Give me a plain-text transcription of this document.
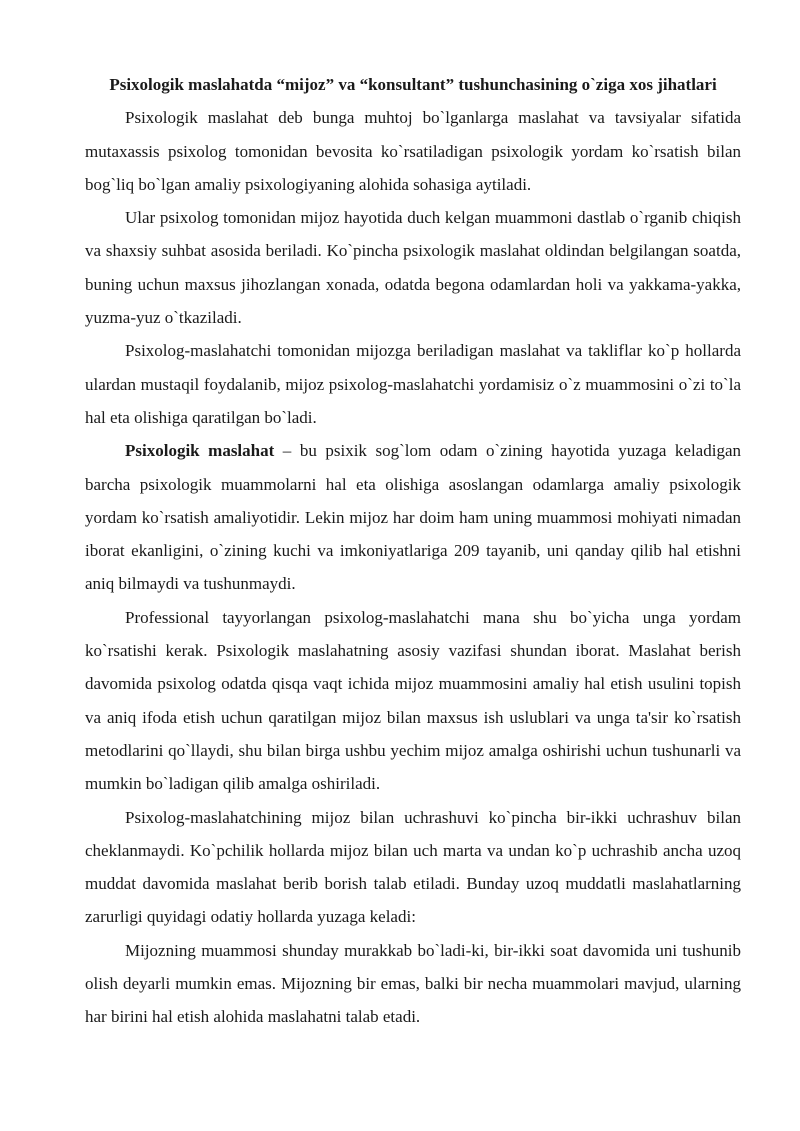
Psixologik maslahatda “mijoz” va “konsultant” tushunchasining o`ziga xos jihatlari

Psixologik maslahat deb bunga muhtoj bo`lganlarga maslahat va tavsiyalar sifatida mutaxassis psixolog tomonidan bevosita ko`rsatiladigan psixologik yordam ko`rsatish bilan bog`liq bo`lgan amaliy psixologiyaning alohida sohasiga aytiladi.

Ular psixolog tomonidan mijoz hayotida duch kelgan muammoni dastlab o`rganib chiqish va shaxsiy suhbat asosida beriladi. Ko`pincha psixologik maslahat oldindan belgilangan soatda, buning uchun maxsus jihozlangan xonada, odatda begona odamlardan holi va yakkama-yakka, yuzma-yuz o`tkaziladi.

Psixolog-maslahatchi tomonidan mijozga beriladigan maslahat va takliflar ko`p hollarda ulardan mustaqil foydalanib, mijoz psixolog-maslahatchi yordamisiz o`z muammosini o`zi to`la hal eta olishiga qaratilgan bo`ladi.

Psixologik maslahat – bu psixik sog`lom odam o`zining hayotida yuzaga keladigan barcha psixologik muammolarni hal eta olishiga asoslangan odamlarga amaliy psixologik yordam ko`rsatish amaliyotidir. Lekin mijoz har doim ham uning muammosi mohiyati nimadan iborat ekanligini, o`zining kuchi va imkoniyatlariga 209 tayanib, uni qanday qilib hal etishni aniq bilmaydi va tushunmaydi.

Professional tayyorlangan psixolog-maslahatchi mana shu bo`yicha unga yordam ko`rsatishi kerak. Psixologik maslahatning asosiy vazifasi shundan iborat. Maslahat berish davomida psixolog odatda qisqa vaqt ichida mijoz muammosini amaliy hal etish usulini topish va aniq ifoda etish uchun qaratilgan mijoz bilan maxsus ish uslublari va unga ta'sir ko`rsatish metodlarini qo`llaydi, shu bilan birga ushbu yechim mijoz amalga oshirishi uchun tushunarli va mumkin bo`ladigan qilib amalga oshiriladi.

Psixolog-maslahatchining mijoz bilan uchrashuvi ko`pincha bir-ikki uchrashuv bilan cheklanmaydi. Ko`pchilik hollarda mijoz bilan uch marta va undan ko`p uchrashib ancha uzoq muddat davomida maslahat berib borish talab etiladi. Bunday uzoq muddatli maslahatlarning zarurligi quyidagi odatiy hollarda yuzaga keladi:

Mijozning muammosi shunday murakkab bo`ladi-ki, bir-ikki soat davomida uni tushunib olish deyarli mumkin emas. Mijozning bir emas, balki bir necha muammolari mavjud, ularning har birini hal etish alohida maslahatni talab etadi.
